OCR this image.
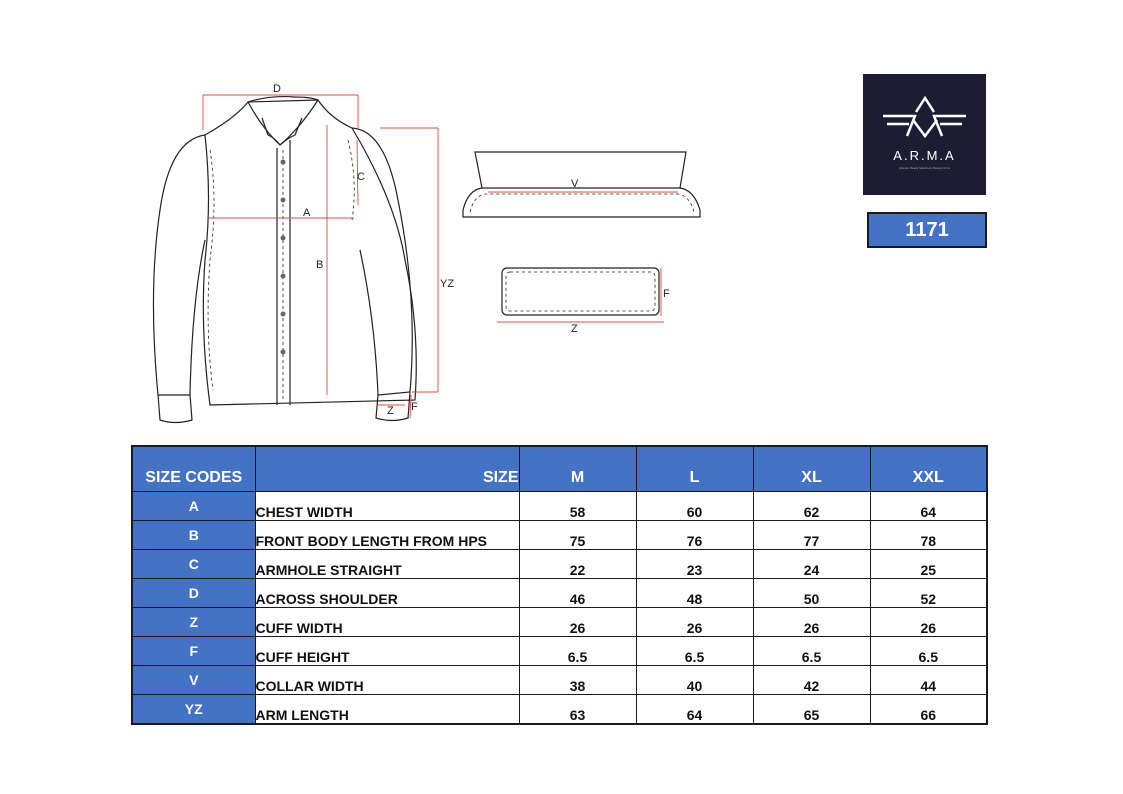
D
A
B
C
YZ
Z F
V
F
Z
A.R.M.A
Absolut Ready Maximum Beauty Arms
1171
SIZE CODES	SIZE	M	L	XL	XXL
A	CHEST WIDTH	58	60	62	64
B	FRONT BODY LENGTH FROM HPS	75	76	77	78
C	ARMHOLE STRAIGHT	22	23	24	25
D	ACROSS SHOULDER	46	48	50	52
Z	CUFF WIDTH	26	26	26	26
F	CUFF HEIGHT	6.5	6.5	6.5	6.5
V	COLLAR WIDTH	38	40	42	44
YZ	ARM LENGTH	63	64	65	66
